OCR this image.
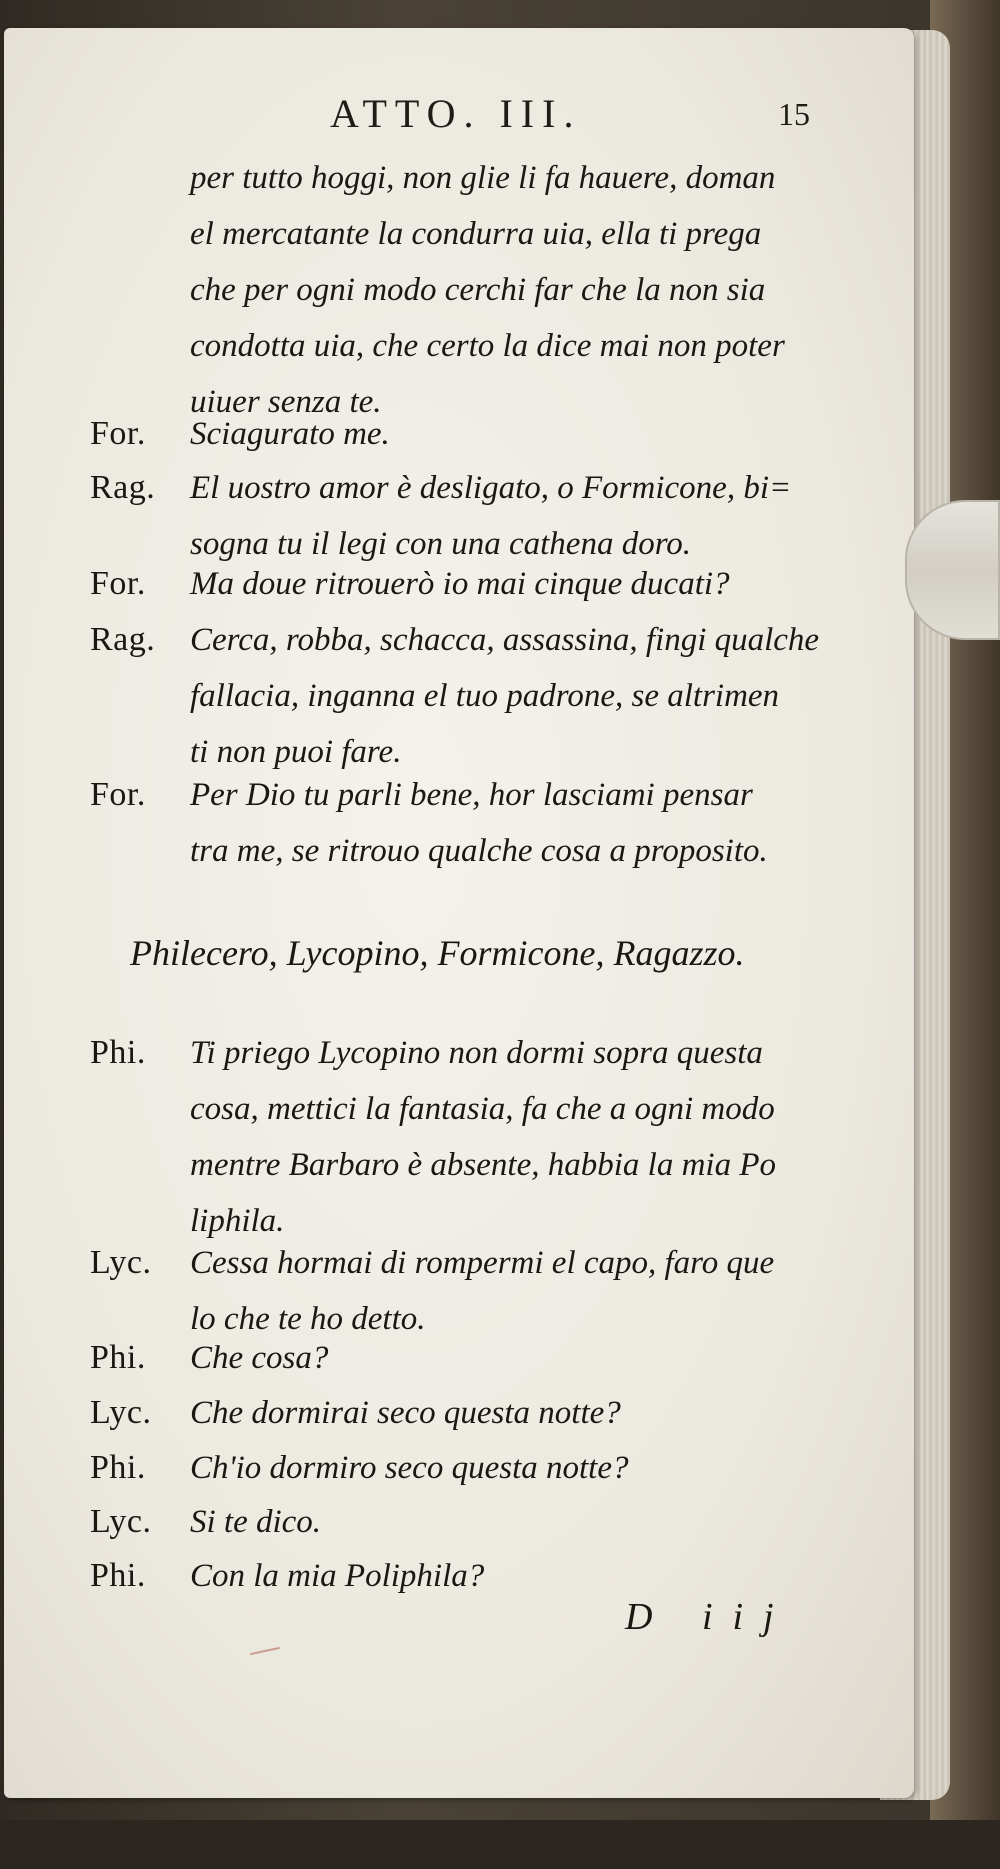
ATTO. III.	15
per tutto hoggi, non glie li fa hauere, doman
el mercatante la condurra uia, ella ti prega
che per ogni modo cerchi far che la non sia
condotta uia, che certo la dice mai non poter
uiuer senza te.
For.	Sciagurato me.
Rag.	El uostro amor è desligato, o Formicone, bi=
sogna tu il legi con una cathena doro.
For.	Ma doue ritrouerò io mai cinque ducati?
Rag.	Cerca, robba, schacca, assassina, fingi qualche
fallacia, inganna el tuo padrone, se altrimen
ti non puoi fare.
For.	Per Dio tu parli bene, hor lasciami pensar
tra me, se ritrouo qualche cosa a proposito.
Philecero, Lycopino, Formicone, Ragazzo.
Phi.	Ti priego Lycopino non dormi sopra questa
cosa, mettici la fantasia, fa che a ogni modo
mentre Barbaro è absente, habbia la mia Po
liphila.
Lyc.	Cessa hormai di rompermi el capo, faro que
lo che te ho detto.
Phi.	Che cosa?
Lyc.	Che dormirai seco questa notte?
Phi.	Ch'io dormiro seco questa notte?
Lyc.	Si te dico.
Phi.	Con la mia Poliphila?
D iij
